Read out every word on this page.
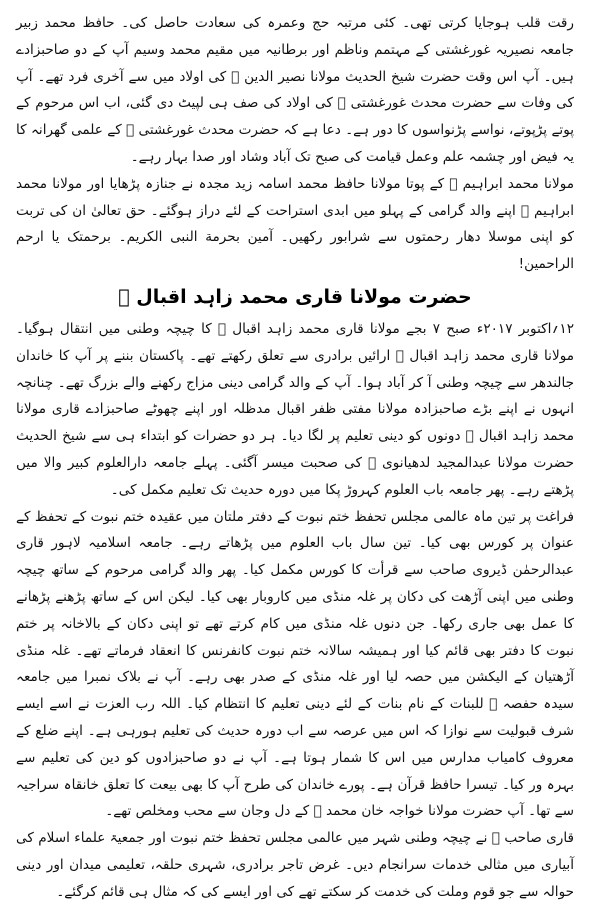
رقت قلب ہوجایا کرتی تھی۔ کئی مرتبہ حج وعمرہ کی سعادت حاصل کی۔ حافظ محمد زبیر جامعہ نصیریہ غورغشتی کے مہتمم وناظم اور برطانیہ میں مقیم محمد وسیم آپ کے دو صاحبزادے ہیں۔ آپ اس وقت حضرت شیخ الحدیث مولانا نصیر الدین ﷫ کی اولاد میں سے آخری فرد تھے۔ آپ کی وفات سے حضرت محدث غورغشتی ﷫ کی اولاد کی صف ہی لپیٹ دی گئی، اب اس مرحوم کے پوتے پڑپوتے، نواسے پڑنواسوں کا دور ہے۔ دعا ہے کہ حضرت محدث غورغشتی ﷫ کے علمی گھرانہ کا یہ فیض اور چشمہ علم وعمل قیامت کی صبح تک آباد وشاد اور صدا بہار رہے۔

مولانا محمد ابراہیم ﷫ کے پوتا مولانا حافظ محمد اسامہ زید مجدہ نے جنازہ پڑھایا اور مولانا محمد ابراہیم ﷫ اپنے والد گرامی کے پہلو میں ابدی استراحت کے لئے دراز ہوگئے۔ حق تعالیٰ ان کی تربت کو اپنی موسلا دھار رحمتوں سے شرابور رکھیں۔ آمین بحرمة النبی الکریم۔ برحمتک یا ارحم الراحمین!

حضرت مولانا قاری محمد زاہد اقبال ﷫

۱۲؍اکتوبر ۲۰۱۷ء صبح ۷ بجے مولانا قاری محمد زاہد اقبال ﷫ کا چیچہ وطنی میں انتقال ہوگیا۔ مولانا قاری محمد زاہد اقبال ﷫ ارائیں برادری سے تعلق رکھتے تھے۔ پاکستان بننے پر آپ کا خاندان جالندھر سے چیچہ وطنی آ کر آباد ہوا۔ آپ کے والد گرامی دینی مزاج رکھنے والے بزرگ تھے۔ چنانچہ انہوں نے اپنے بڑے صاحبزادہ مولانا مفتی ظفر اقبال مدظلہ اور اپنے چھوٹے صاحبزادے قاری مولانا محمد زاہد اقبال ﷫ دونوں کو دینی تعلیم پر لگا دیا۔ ہر دو حضرات کو ابتداء ہی سے شیخ الحدیث حضرت مولانا عبدالمجید لدھیانوی ﷫ کی صحبت میسر آگئی۔ پہلے جامعہ دارالعلوم کبیر والا میں پڑھتے رہے۔ پھر جامعہ باب العلوم کہروڑ پکا میں دورہ حدیث تک تعلیم مکمل کی۔

فراغت پر تین ماہ عالمی مجلس تحفظ ختم نبوت کے دفتر ملتان میں عقیدہ ختم نبوت کے تحفظ کے عنوان پر کورس بھی کیا۔ تین سال باب العلوم میں پڑھاتے رہے۔ جامعہ اسلامیہ لاہور قاری عبدالرحمٰن ڈیروی صاحب سے قرأت کا کورس مکمل کیا۔ پھر والد گرامی مرحوم کے ساتھ چیچہ وطنی میں اپنی آڑھت کی دکان پر غلہ منڈی میں کاروبار بھی کیا۔ لیکن اس کے ساتھ پڑھنے پڑھانے کا عمل بھی جاری رکھا۔ جن دنوں غلہ منڈی میں کام کرتے تھے تو اپنی دکان کے بالاخانہ پر ختم نبوت کا دفتر بھی قائم کیا اور ہمیشہ سالانہ ختم نبوت کانفرنس کا انعقاد فرماتے تھے۔ غلہ منڈی آڑھتیان کے الیکشن میں حصہ لیا اور غلہ منڈی کے صدر بھی رہے۔ آپ نے بلاک نمبرا میں جامعہ سیدہ حفصہ ﷞ للبنات کے نام بنات کے لئے دینی تعلیم کا انتظام کیا۔ اللہ رب العزت نے اسے ایسے شرف قبولیت سے نوازا کہ اس میں عرصہ سے اب دورہ حدیث کی تعلیم ہورہی ہے۔ اپنے ضلع کے معروف کامیاب مدارس میں اس کا شمار ہوتا ہے۔ آپ نے دو صاحبزادوں کو دین کی تعلیم سے بہرہ ور کیا۔ تیسرا حافظ قرآن ہے۔ پورے خاندان کی طرح آپ کا بھی بیعت کا تعلق خانقاہ سراجیہ سے تھا۔ آپ حضرت مولانا خواجہ خان محمد ﷫ کے دل وجان سے محب ومخلص تھے۔

قاری صاحب ﷫ نے چیچہ وطنی شہر میں عالمی مجلس تحفظ ختم نبوت اور جمعیۃ علماء اسلام کی آبیاری میں مثالی خدمات سرانجام دیں۔ غرض تاجر برادری، شہری حلقہ، تعلیمی میدان اور دینی حوالہ سے جو قوم وملت کی خدمت کر سکتے تھے کی اور ایسے کی کہ مثال ہی قائم کرگئے۔
